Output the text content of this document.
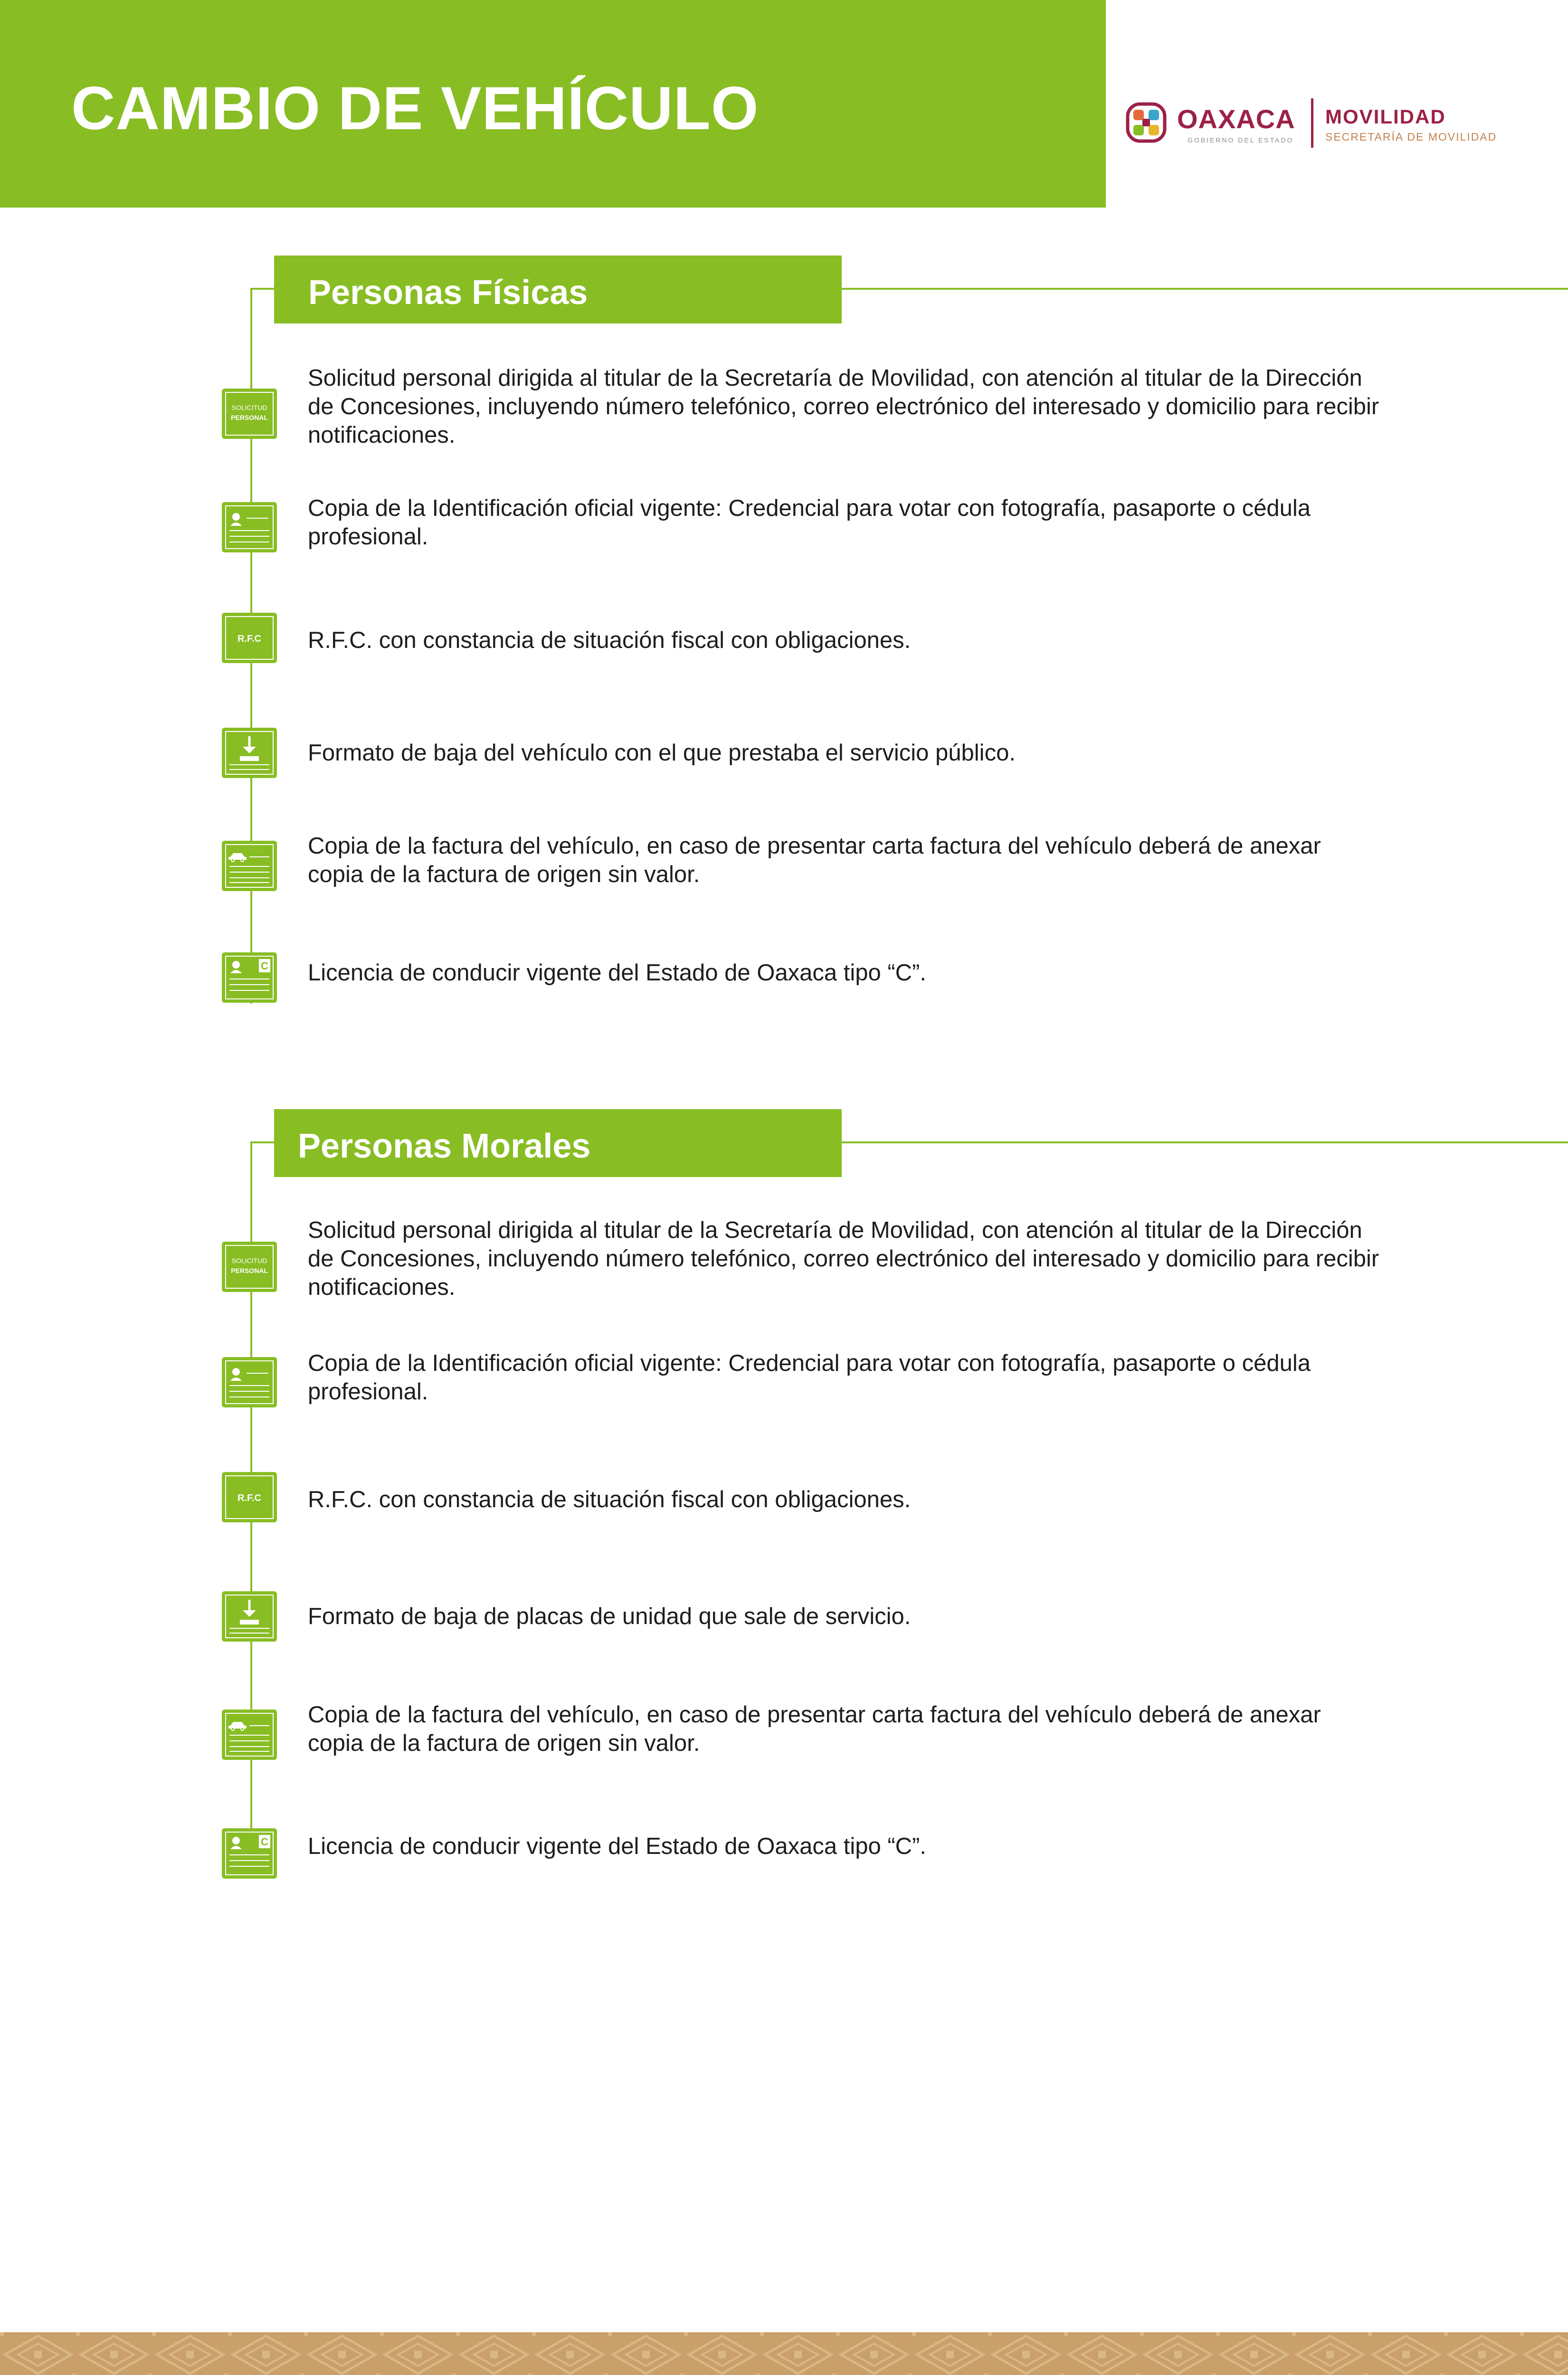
CAMBIO DE VEHÍCULO	OAXACA
GOBIERNO DEL ESTADO
MOVILIDAD
SECRETARÍA DE MOVILIDAD
Personas Físicas
SOLICITUD
PERSONAL

Solicitud personal dirigida al titular de la Secretaría de Movilidad, con atención al titular de la Dirección de Concesiones, incluyendo número telefónico, correo electrónico del interesado y domicilio para recibir notificaciones.

Copia de la Identificación oficial vigente: Credencial para votar con fotografía, pasaporte o cédula profesional.

R.F.C R.F.C. con constancia de situación fiscal con obligaciones.

Formato de baja del vehículo con el que prestaba el servicio público.

Copia de la factura del vehículo, en caso de presentar carta factura del vehículo deberá de anexar copia de la factura de origen sin valor.

C Licencia de conducir vigente del Estado de Oaxaca tipo “C”.

Personas Morales
SOLICITUD
PERSONAL

Solicitud personal dirigida al titular de la Secretaría de Movilidad, con atención al titular de la Dirección de Concesiones, incluyendo número telefónico, correo electrónico del interesado y domicilio para recibir notificaciones.

Copia de la Identificación oficial vigente: Credencial para votar con fotografía, pasaporte o cédula profesional.

R.F.C R.F.C. con constancia de situación fiscal con obligaciones.

Formato de baja de placas de unidad que sale de servicio.

Copia de la factura del vehículo, en caso de presentar carta factura del vehículo deberá de anexar copia de la factura de origen sin valor.

C Licencia de conducir vigente del Estado de Oaxaca tipo “C”.
